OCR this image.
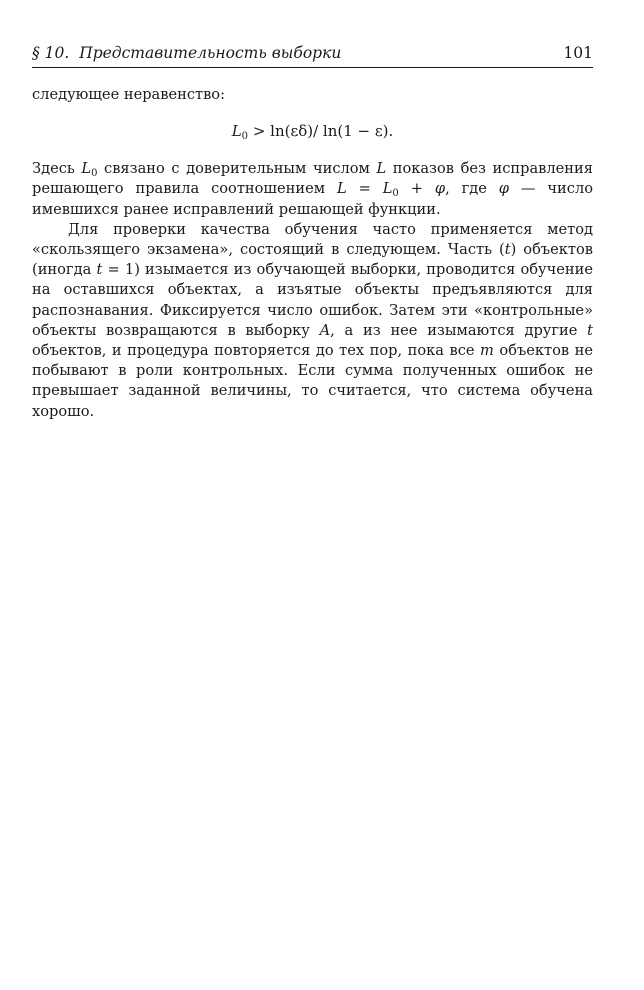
§ 10. Представительность выборки	101

следующее неравенство:

$L_0 > \ln(\varepsilon\delta)/$ ln(1 − ε).

Здесь $L_0$ связано с доверительным числом L показов без исправления решающего правила соотношением $L = L_0 + \varphi$, где φ — число имевшихся ранее исправлений решающей функции.

Для проверки качества обучения часто применяется метод «скользящего экзамена», состоящий в следующем. Часть (t) объектов (иногда t = 1) изымается из обучающей выборки, проводится обучение на оставшихся объектах, а изъятые объекты предъявляются для распознавания. Фиксируется число ошибок. Затем эти «контрольные» объекты возвращаются в выборку A, а из нее изымаются другие t объектов, и процедура повторяется до тех пор, пока все m объектов не побывают в роли контрольных. Если сумма полученных ошибок не превышает заданной величины, то считается, что система обучена хорошо.
